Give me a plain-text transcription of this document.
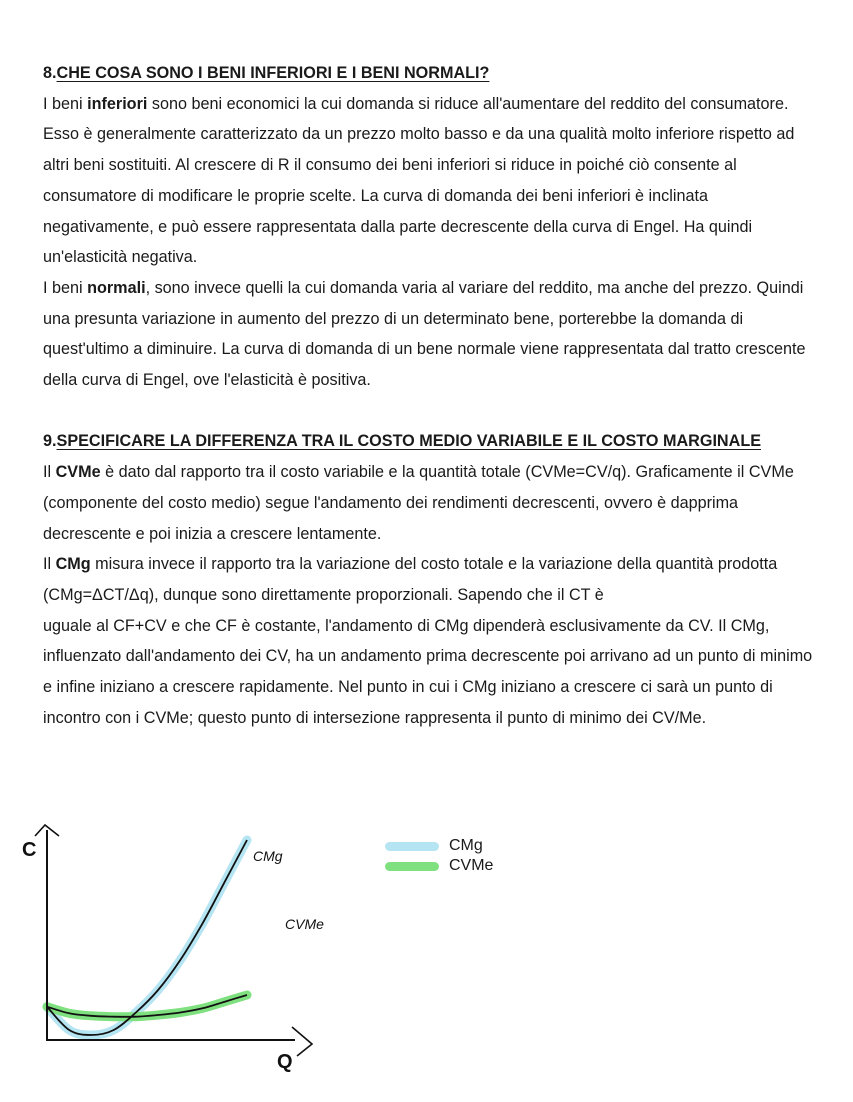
8.CHE COSA SONO I BENI INFERIORI E I BENI NORMALI?
I beni inferiori sono beni economici la cui domanda si riduce all'aumentare del reddito del consumatore. Esso è generalmente caratterizzato da un prezzo molto basso e da una qualità molto inferiore rispetto ad altri beni sostituiti. Al crescere di R il consumo dei beni inferiori si riduce in poiché ciò consente al consumatore di modificare le proprie scelte. La curva di domanda dei beni inferiori è inclinata negativamente, e può essere rappresentata dalla parte decrescente della curva di Engel. Ha quindi un'elasticità negativa.
I beni normali, sono invece quelli la cui domanda varia al variare del reddito, ma anche del prezzo. Quindi una presunta variazione in aumento del prezzo di un determinato bene, porterebbe la domanda di quest'ultimo a diminuire. La curva di domanda di un bene normale viene rappresentata dal tratto crescente della curva di Engel, ove l'elasticità è positiva.
9.SPECIFICARE LA DIFFERENZA TRA IL COSTO MEDIO VARIABILE E IL COSTO MARGINALE
Il CVMe è dato dal rapporto tra il costo variabile e la quantità totale (CVMe=CV/q). Graficamente il CVMe (componente del costo medio) segue l'andamento dei rendimenti decrescenti, ovvero è dapprima decrescente e poi inizia a crescere lentamente.
Il CMg misura invece il rapporto tra la variazione del costo totale e la variazione della quantità prodotta (CMg=ΔCT/Δq), dunque sono direttamente proporzionali. Sapendo che il CT è uguale al CF+CV e che CF è costante, l'andamento di CMg dipenderà esclusivamente da CV. Il CMg, influenzato dall'andamento dei CV, ha un andamento prima decrescente poi arrivano ad un punto di minimo e infine iniziano a crescere rapidamente. Nel punto in cui i CMg iniziano a crescere ci sarà un punto di incontro con i CVMe; questo punto di intersezione rappresenta il punto di minimo dei CV/Me.
C
Q
CMg
CVMe
CMg
CVMe
